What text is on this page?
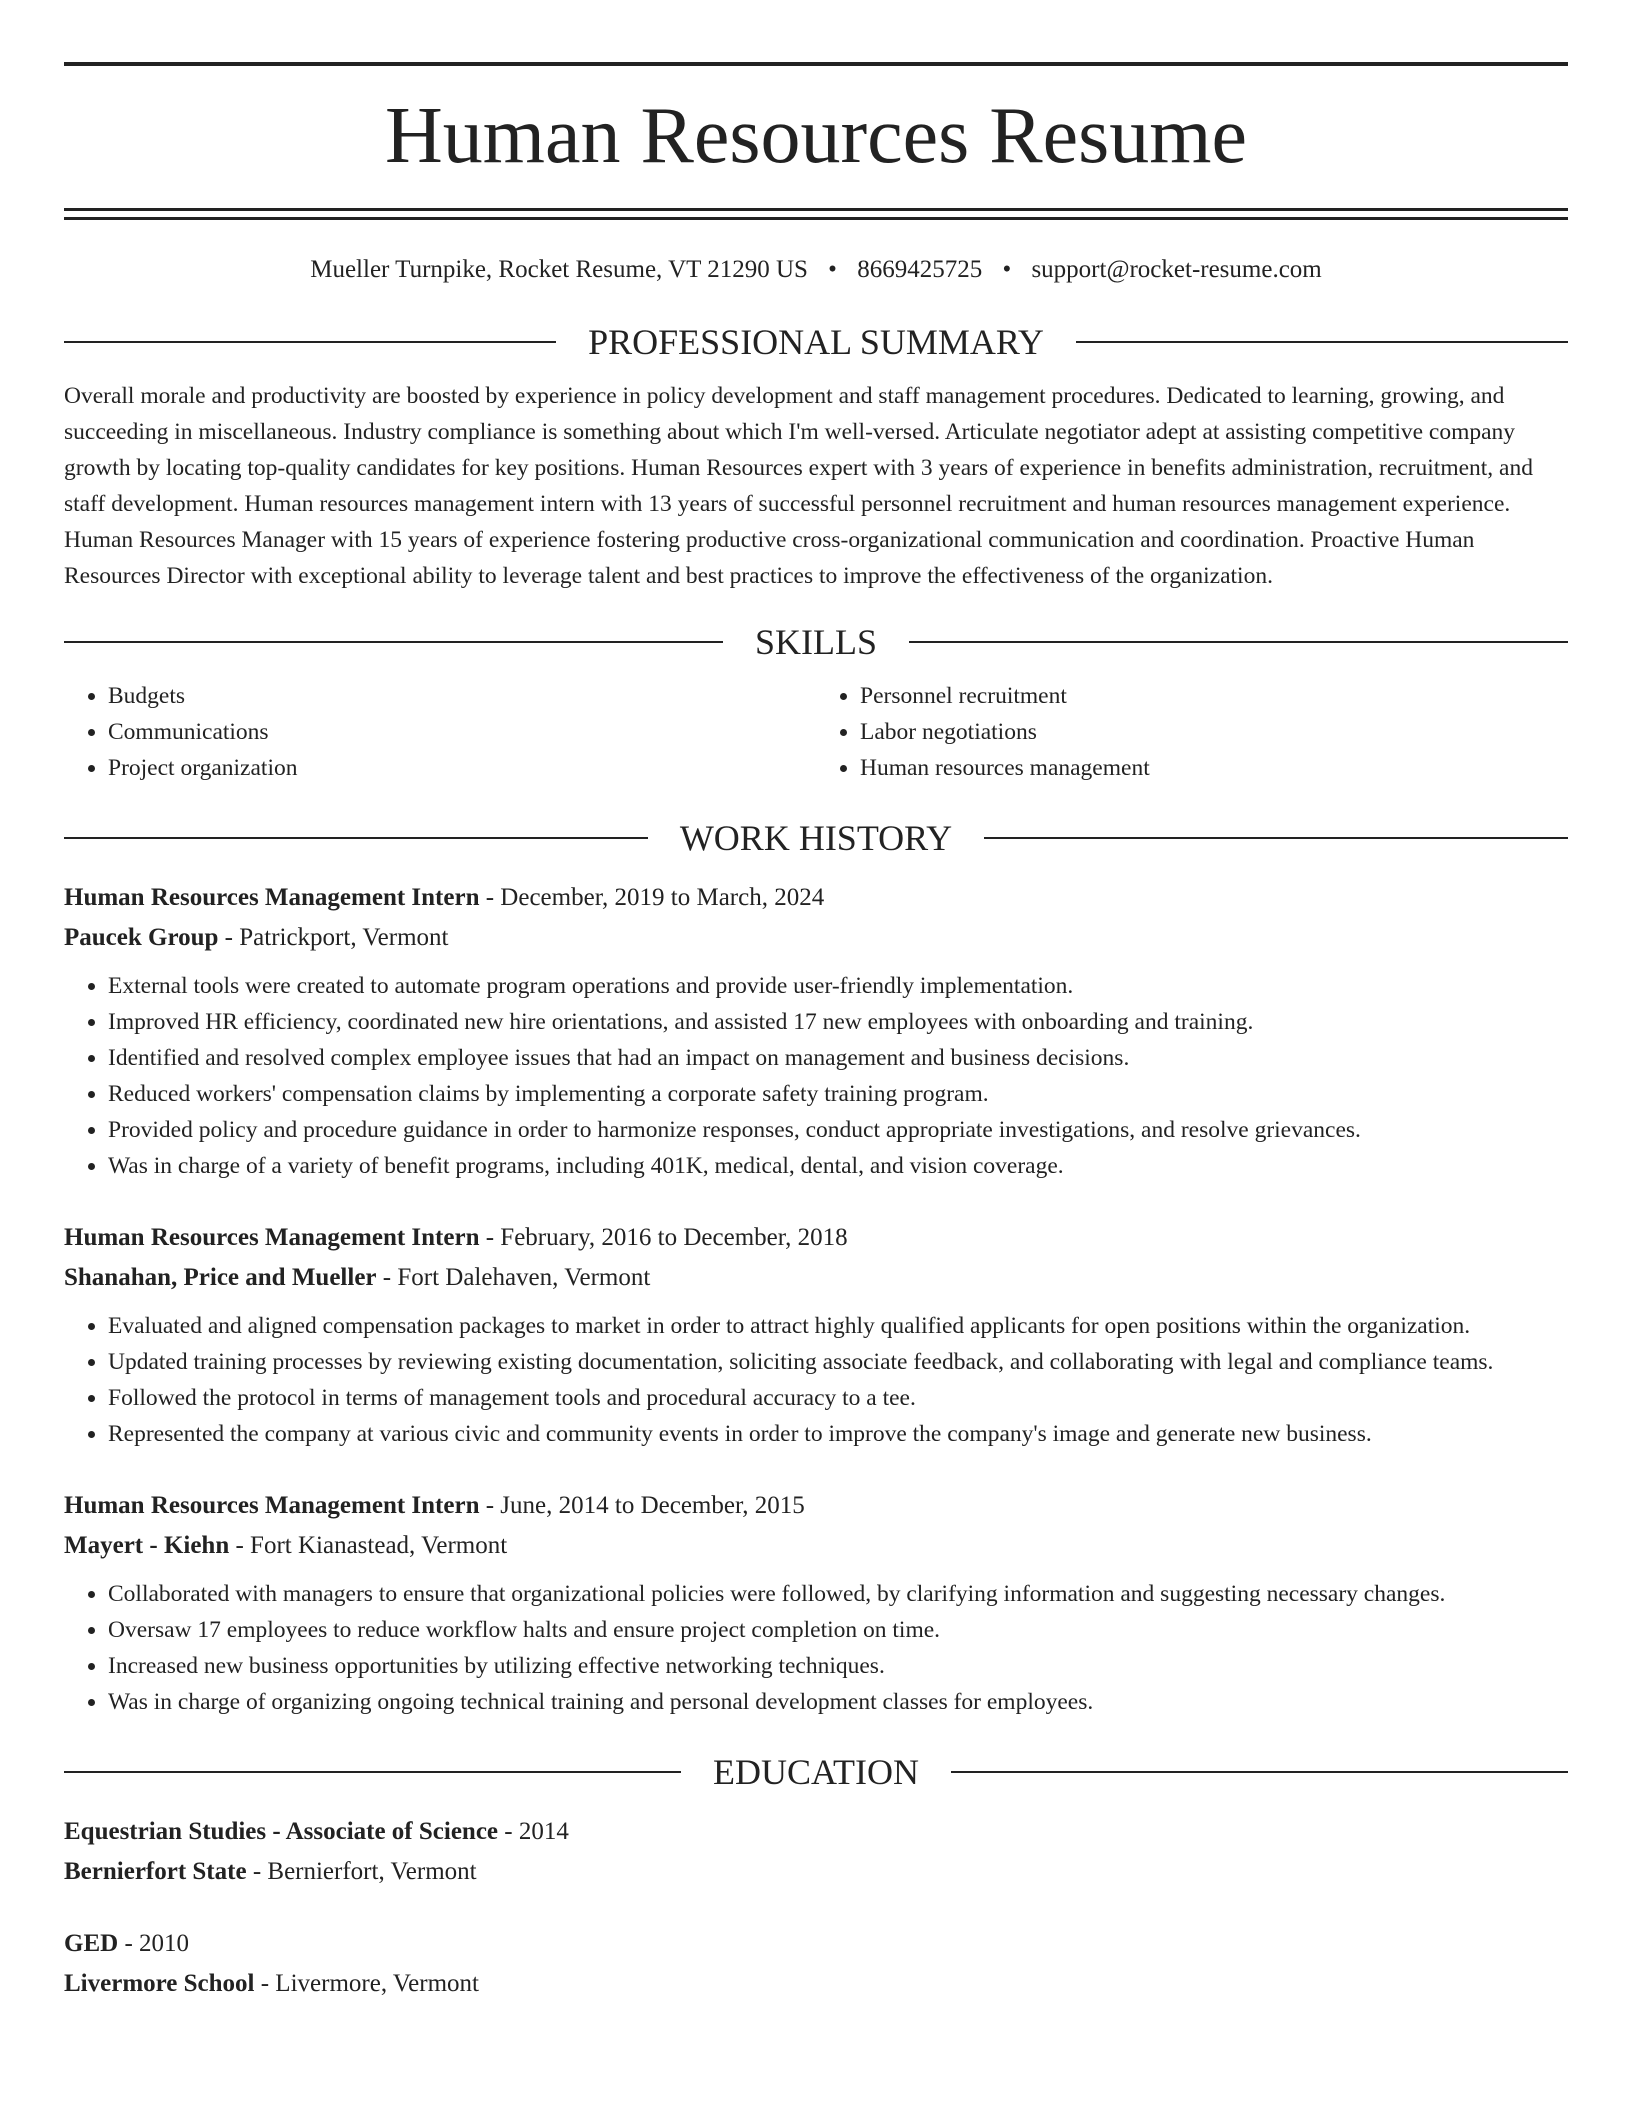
Human Resources Resume
Mueller Turnpike, Rocket Resume, VT 21290 US • 8669425725 • support@rocket-resume.com
PROFESSIONAL SUMMARY
Overall morale and productivity are boosted by experience in policy development and staff management procedures. Dedicated to learning, growing, and succeeding in miscellaneous. Industry compliance is something about which I'm well-versed. Articulate negotiator adept at assisting competitive company growth by locating top-quality candidates for key positions. Human Resources expert with 3 years of experience in benefits administration, recruitment, and staff development. Human resources management intern with 13 years of successful personnel recruitment and human resources management experience. Human Resources Manager with 15 years of experience fostering productive cross-organizational communication and coordination. Proactive Human Resources Director with exceptional ability to leverage talent and best practices to improve the effectiveness of the organization.
SKILLS
• Budgets
• Communications
• Project organization
• Personnel recruitment
• Labor negotiations
• Human resources management
WORK HISTORY
Human Resources Management Intern - December, 2019 to March, 2024
Paucek Group - Patrickport, Vermont
• External tools were created to automate program operations and provide user-friendly implementation.
• Improved HR efficiency, coordinated new hire orientations, and assisted 17 new employees with onboarding and training.
• Identified and resolved complex employee issues that had an impact on management and business decisions.
• Reduced workers' compensation claims by implementing a corporate safety training program.
• Provided policy and procedure guidance in order to harmonize responses, conduct appropriate investigations, and resolve grievances.
• Was in charge of a variety of benefit programs, including 401K, medical, dental, and vision coverage.
Human Resources Management Intern - February, 2016 to December, 2018
Shanahan, Price and Mueller - Fort Dalehaven, Vermont
• Evaluated and aligned compensation packages to market in order to attract highly qualified applicants for open positions within the organization.
• Updated training processes by reviewing existing documentation, soliciting associate feedback, and collaborating with legal and compliance teams.
• Followed the protocol in terms of management tools and procedural accuracy to a tee.
• Represented the company at various civic and community events in order to improve the company's image and generate new business.
Human Resources Management Intern - June, 2014 to December, 2015
Mayert - Kiehn - Fort Kianastead, Vermont
• Collaborated with managers to ensure that organizational policies were followed, by clarifying information and suggesting necessary changes.
• Oversaw 17 employees to reduce workflow halts and ensure project completion on time.
• Increased new business opportunities by utilizing effective networking techniques.
• Was in charge of organizing ongoing technical training and personal development classes for employees.
EDUCATION
Equestrian Studies - Associate of Science - 2014
Bernierfort State - Bernierfort, Vermont
GED - 2010
Livermore School - Livermore, Vermont
